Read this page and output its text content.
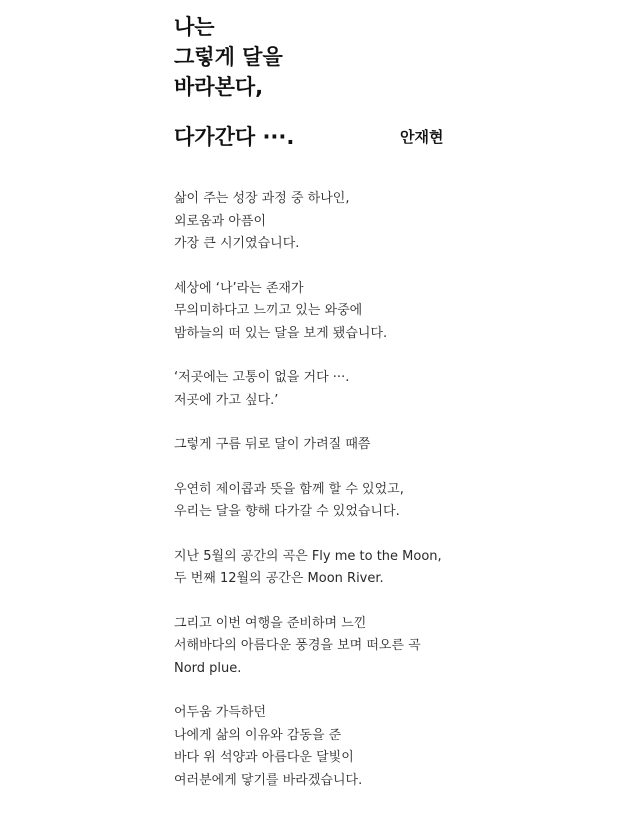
나는
그렇게 달을
바라본다,
다가간다 ···.	안재현
삶이 주는 성장 과정 중 하나인,
외로움과 아픔이
가장 큰 시기였습니다.
세상에 ‘나’라는 존재가
무의미하다고 느끼고 있는 와중에
밤하늘의 떠 있는 달을 보게 됐습니다.
‘저곳에는 고통이 없을 거다 ···.
저곳에 가고 싶다.’
그렇게 구름 뒤로 달이 가려질 때쯤
우연히 제이콥과 뜻을 함께 할 수 있었고,
우리는 달을 향해 다가갈 수 있었습니다.
지난 5월의 공간의 곡은 Fly me to the Moon,
두 번째 12월의 공간은 Moon River.
그리고 이번 여행을 준비하며 느낀
서해바다의 아름다운 풍경을 보며 떠오른 곡
Nord plue.
어두움 가득하던
나에게 삶의 이유와 감동을 준
바다 위 석양과 아름다운 달빛이
여러분에게 닿기를 바라겠습니다.
